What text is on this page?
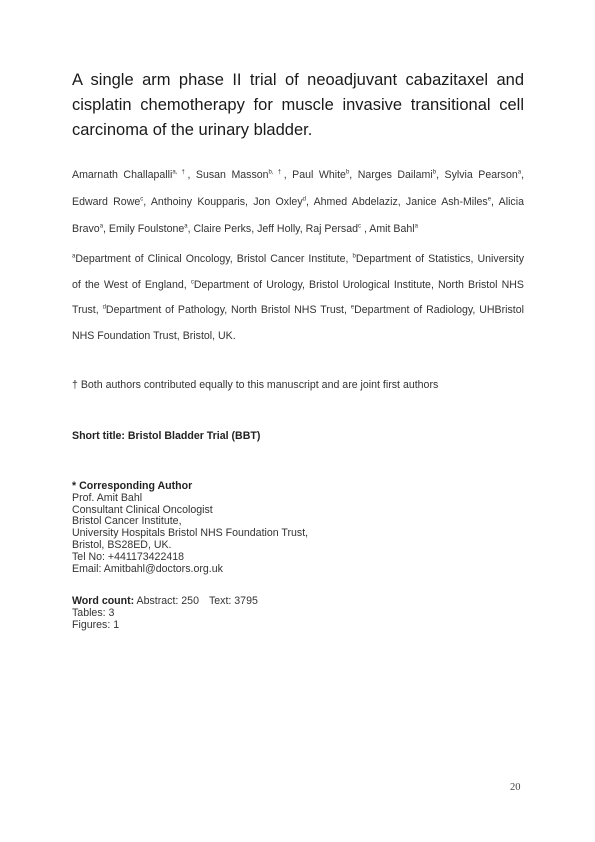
A single arm phase II trial of neoadjuvant cabazitaxel and cisplatin chemotherapy for muscle invasive transitional cell carcinoma of the urinary bladder.

Amarnath Challapalli$^{a, \dagger}$, Susan Masson$^{b, \dagger}$, Paul White$^b$, Narges Dailami$^b$, Sylvia Pearson$^a$, Edward Rowe$^c$, Anthoiny Koupparis, Jon Oxley$^d$, Ahmed Abdelaziz, Janice Ash-Miles$^e$, Alicia Bravo$^a$, Emily Foulstone$^a$, Claire Perks, Jeff Holly, Raj Persad$^c$ , Amit Bahl$^a$

$^a$Department of Clinical Oncology, Bristol Cancer Institute, $^b$Department of Statistics, University of the West of England, $^c$Department of Urology, Bristol Urological Institute, North Bristol NHS Trust, $^d$Department of Pathology, North Bristol NHS Trust, $^e$Department of Radiology, UHBristol NHS Foundation Trust, Bristol, UK.

† Both authors contributed equally to this manuscript and are joint first authors

Short title: Bristol Bladder Trial (BBT)

* Corresponding Author
Prof. Amit Bahl
Consultant Clinical Oncologist
Bristol Cancer Institute,
University Hospitals Bristol NHS Foundation Trust,
Bristol, BS28ED, UK.
Tel No: +441173422418
Email: Amitbahl@doctors.org.uk
Word count: Abstract: 250 Text: 3795
Tables: 3
Figures: 1
20
